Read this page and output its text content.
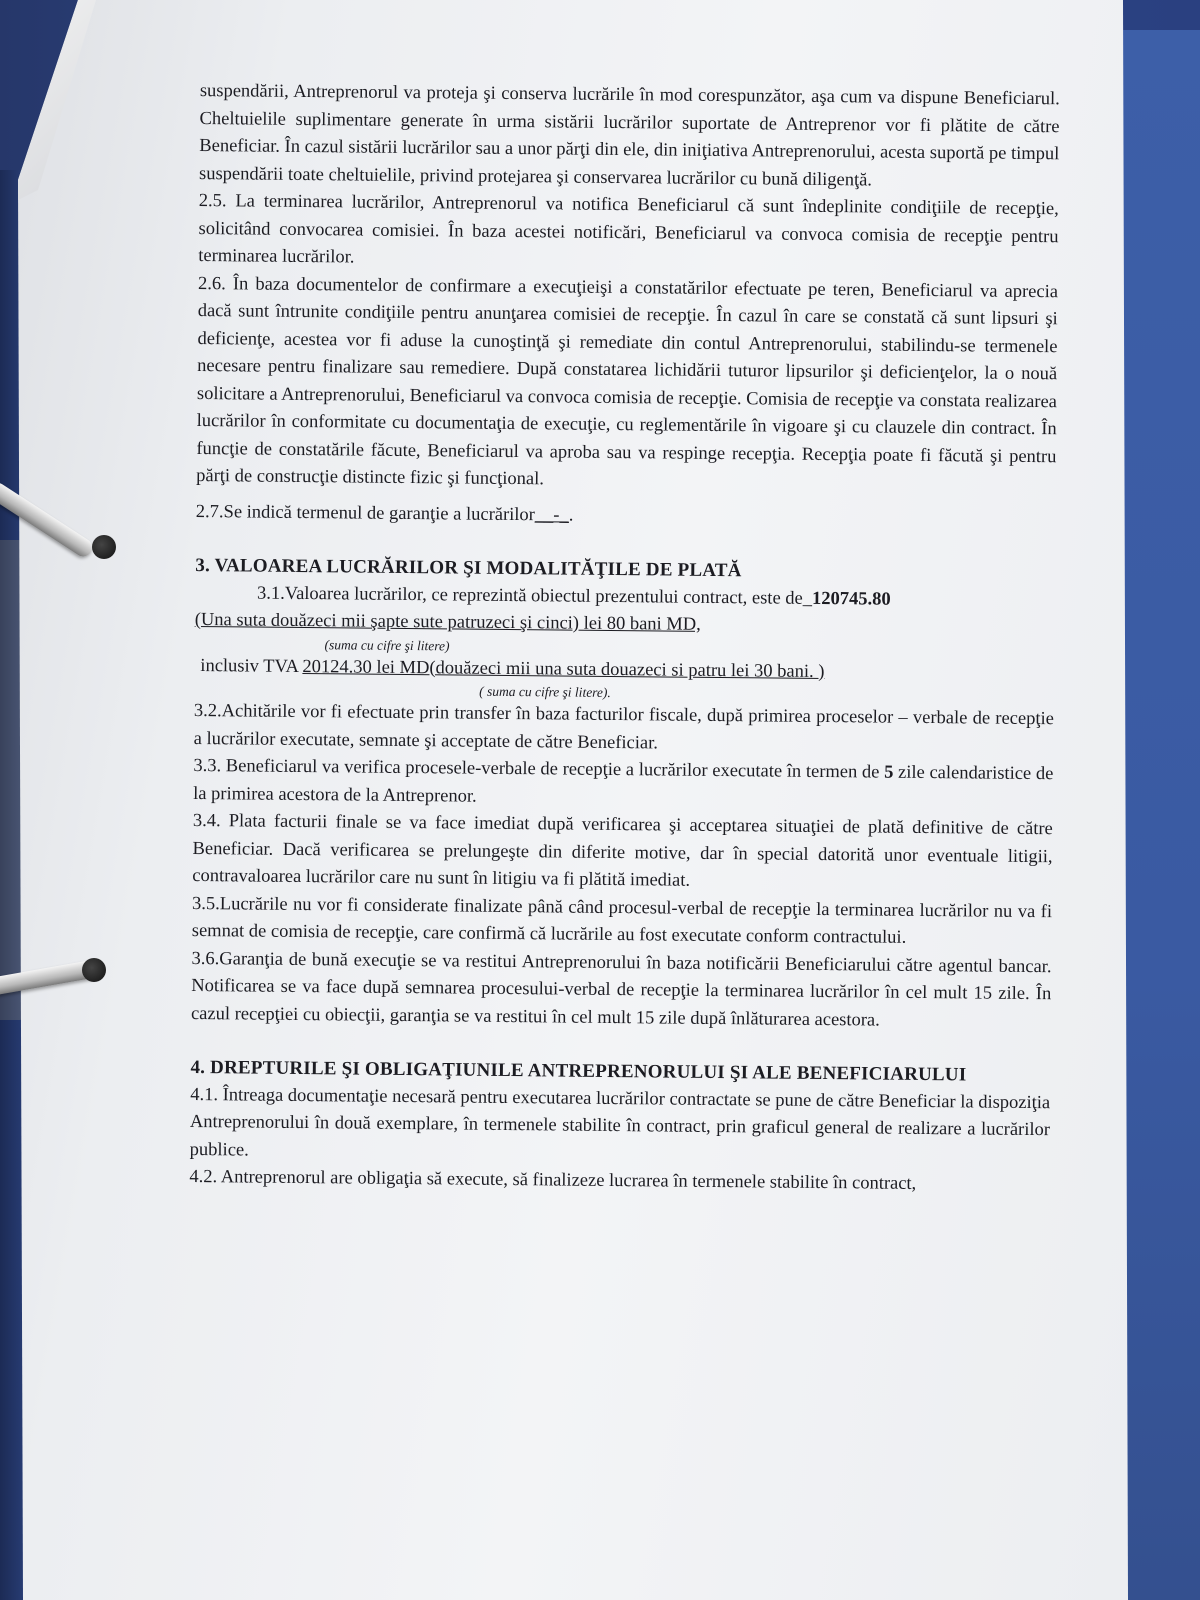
suspendării, Antreprenorul va proteja şi conserva lucrările în mod corespunzător, aşa cum va dispune Beneficiarul. Cheltuielile suplimentare generate în urma sistării lucrărilor suportate de Antreprenor vor fi plătite de către Beneficiar. În cazul sistării lucrărilor sau a unor părţi din ele, din iniţiativa Antreprenorului, acesta suportă pe timpul suspendării toate cheltuielile, privind protejarea şi conservarea lucrărilor cu bună diligenţă.

2.5. La terminarea lucrărilor, Antreprenorul va notifica Beneficiarul că sunt îndeplinite condiţiile de recepţie, solicitând convocarea comisiei. În baza acestei notificări, Beneficiarul va convoca comisia de recepţie pentru terminarea lucrărilor.

2.6. În baza documentelor de confirmare a execuţieişi a constatărilor efectuate pe teren, Beneficiarul va aprecia dacă sunt întrunite condiţiile pentru anunţarea comisiei de recepţie. În cazul în care se constată că sunt lipsuri şi deficienţe, acestea vor fi aduse la cunoştinţă şi remediate din contul Antreprenorului, stabilindu-se termenele necesare pentru finalizare sau remediere. După constatarea lichidării tuturor lipsurilor şi deficienţelor, la o nouă solicitare a Antreprenorului, Beneficiarul va convoca comisia de recepţie. Comisia de recepţie va constata realizarea lucrărilor în conformitate cu documentaţia de execuţie, cu reglementările în vigoare şi cu clauzele din contract. În funcţie de constatările făcute, Beneficiarul va aproba sau va respinge recepţia. Recepţia poate fi făcută şi pentru părţi de construcţie distincte fizic şi funcţional.

2.7.Se indică termenul de garanţie a lucrărilor__-_.

3. VALOAREA LUCRĂRILOR ŞI MODALITĂŢILE DE PLATĂ

3.1.Valoarea lucrărilor, ce reprezintă obiectul prezentului contract, este de_120745.80

(Una suta douăzeci mii şapte sute patruzeci şi cinci) lei 80 bani MD,

(suma cu cifre şi litere)

inclusiv TVA 20124.30 lei MD(douăzeci mii una suta douazeci si patru lei 30 bani. )

( suma cu cifre şi litere).

3.2.Achitările vor fi efectuate prin transfer în baza facturilor fiscale, după primirea proceselor – verbale de recepţie a lucrărilor executate, semnate şi acceptate de către Beneficiar.

3.3. Beneficiarul va verifica procesele-verbale de recepţie a lucrărilor executate în termen de 5 zile calendaristice de la primirea acestora de la Antreprenor.

3.4. Plata facturii finale se va face imediat după verificarea şi acceptarea situaţiei de plată definitive de către Beneficiar. Dacă verificarea se prelungeşte din diferite motive, dar în special datorită unor eventuale litigii, contravaloarea lucrărilor care nu sunt în litigiu va fi plătită imediat.

3.5.Lucrările nu vor fi considerate finalizate până când procesul-verbal de recepţie la terminarea lucrărilor nu va fi semnat de comisia de recepţie, care confirmă că lucrările au fost executate conform contractului.

3.6.Garanţia de bună execuţie se va restitui Antreprenorului în baza notificării Beneficiarului către agentul bancar. Notificarea se va face după semnarea procesului-verbal de recepţie la terminarea lucrărilor în cel mult 15 zile. În cazul recepţiei cu obiecţii, garanţia se va restitui în cel mult 15 zile după înlăturarea acestora.

4. DREPTURILE ŞI OBLIGAŢIUNILE ANTREPRENORULUI ŞI ALE BENEFICIARULUI

4.1. Întreaga documentaţie necesară pentru executarea lucrărilor contractate se pune de către Beneficiar la dispoziţia Antreprenorului în două exemplare, în termenele stabilite în contract, prin graficul general de realizare a lucrărilor publice.

4.2. Antreprenorul are obligaţia să execute, să finalizeze lucrarea în termenele stabilite în contract,
